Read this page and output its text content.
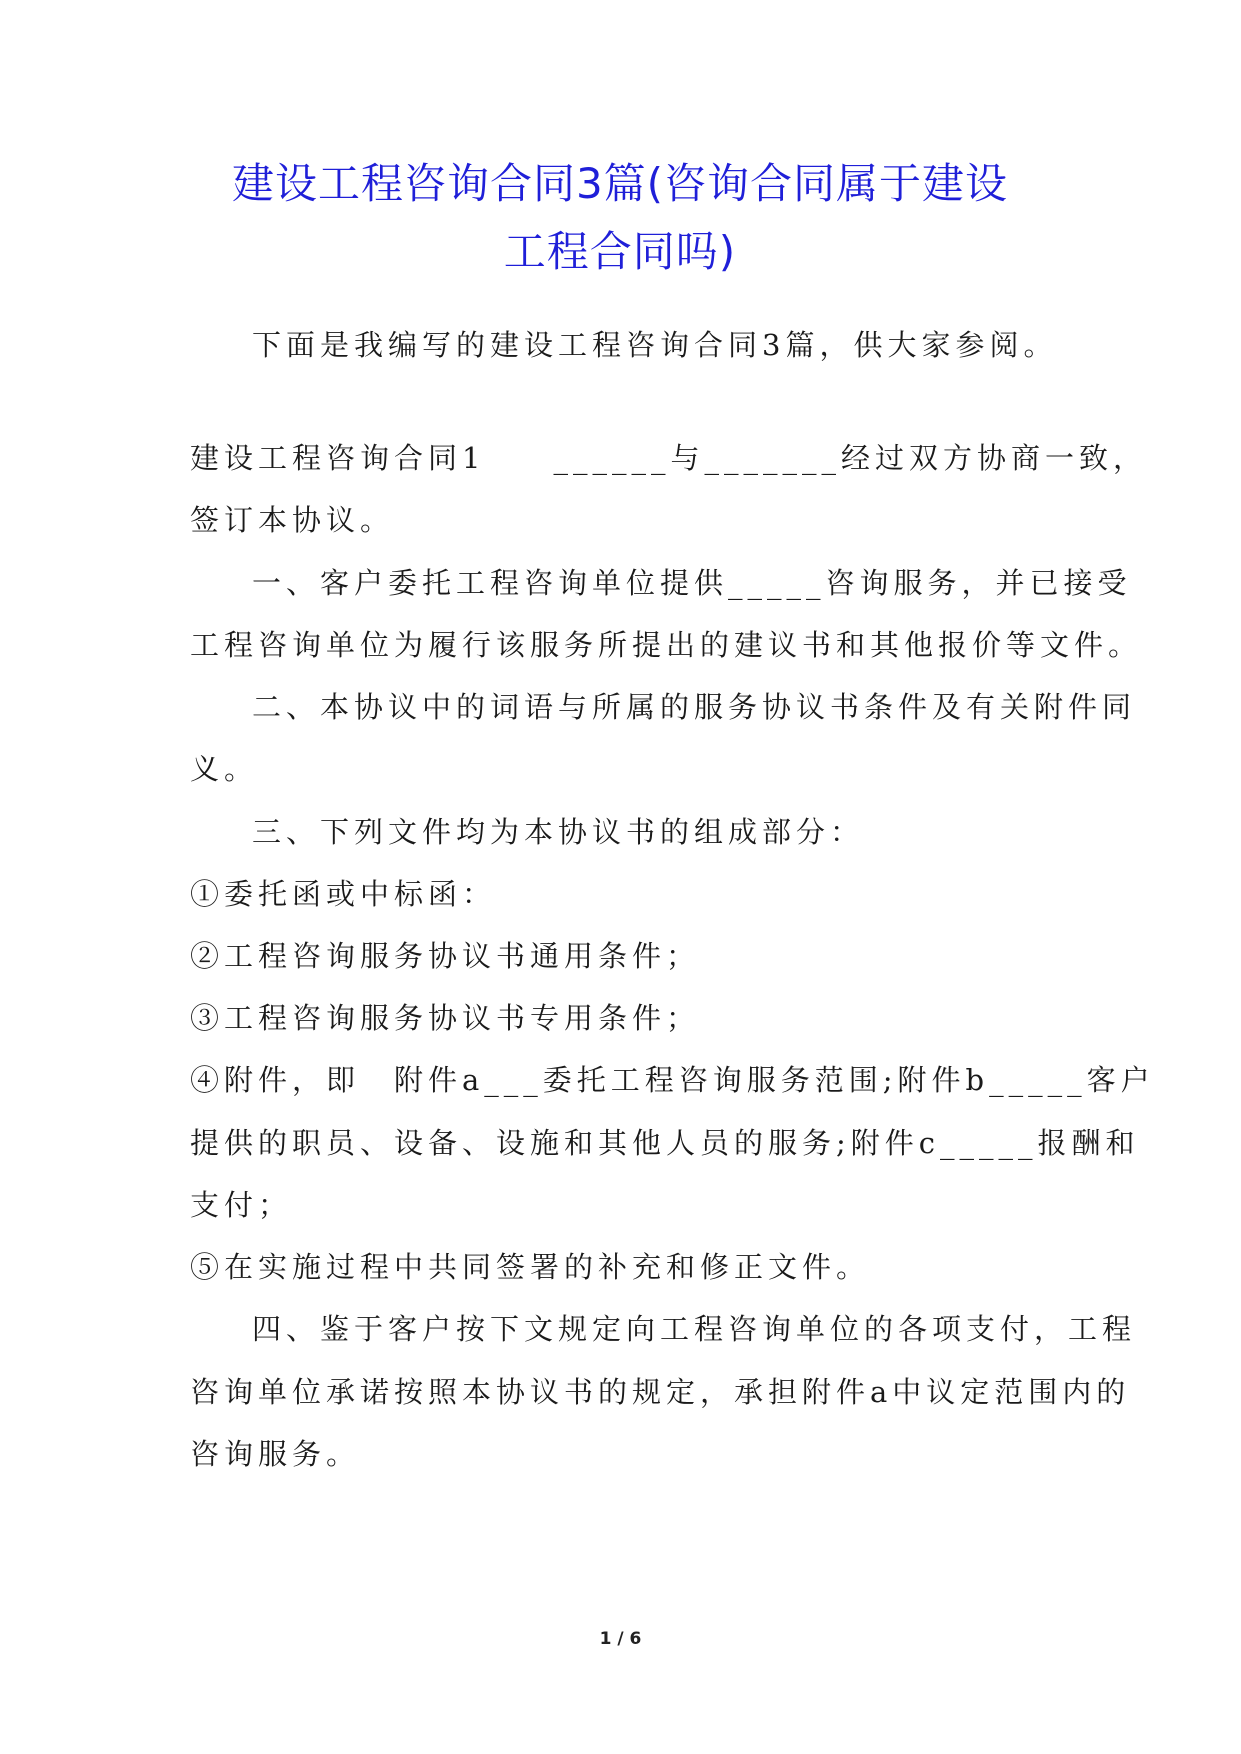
建设工程咨询合同3篇(咨询合同属于建设
工程合同吗)

下面是我编写的建设工程咨询合同3篇，供大家参阅。

建设工程咨询合同1　　______与_______经过双方协商一致，

签订本协议。

一、客户委托工程咨询单位提供_____咨询服务，并已接受

工程咨询单位为履行该服务所提出的建议书和其他报价等文件。

二、本协议中的词语与所属的服务协议书条件及有关附件同

义。

三、下列文件均为本协议书的组成部分：

①委托函或中标函：

②工程咨询服务协议书通用条件；

③工程咨询服务协议书专用条件；

④附件，即　附件a___委托工程咨询服务范围;附件b_____客户

提供的职员、设备、设施和其他人员的服务;附件c_____报酬和

支付；

⑤在实施过程中共同签署的补充和修正文件。

四、鉴于客户按下文规定向工程咨询单位的各项支付，工程

咨询单位承诺按照本协议书的规定，承担附件a中议定范围内的

咨询服务。

1 / 6
